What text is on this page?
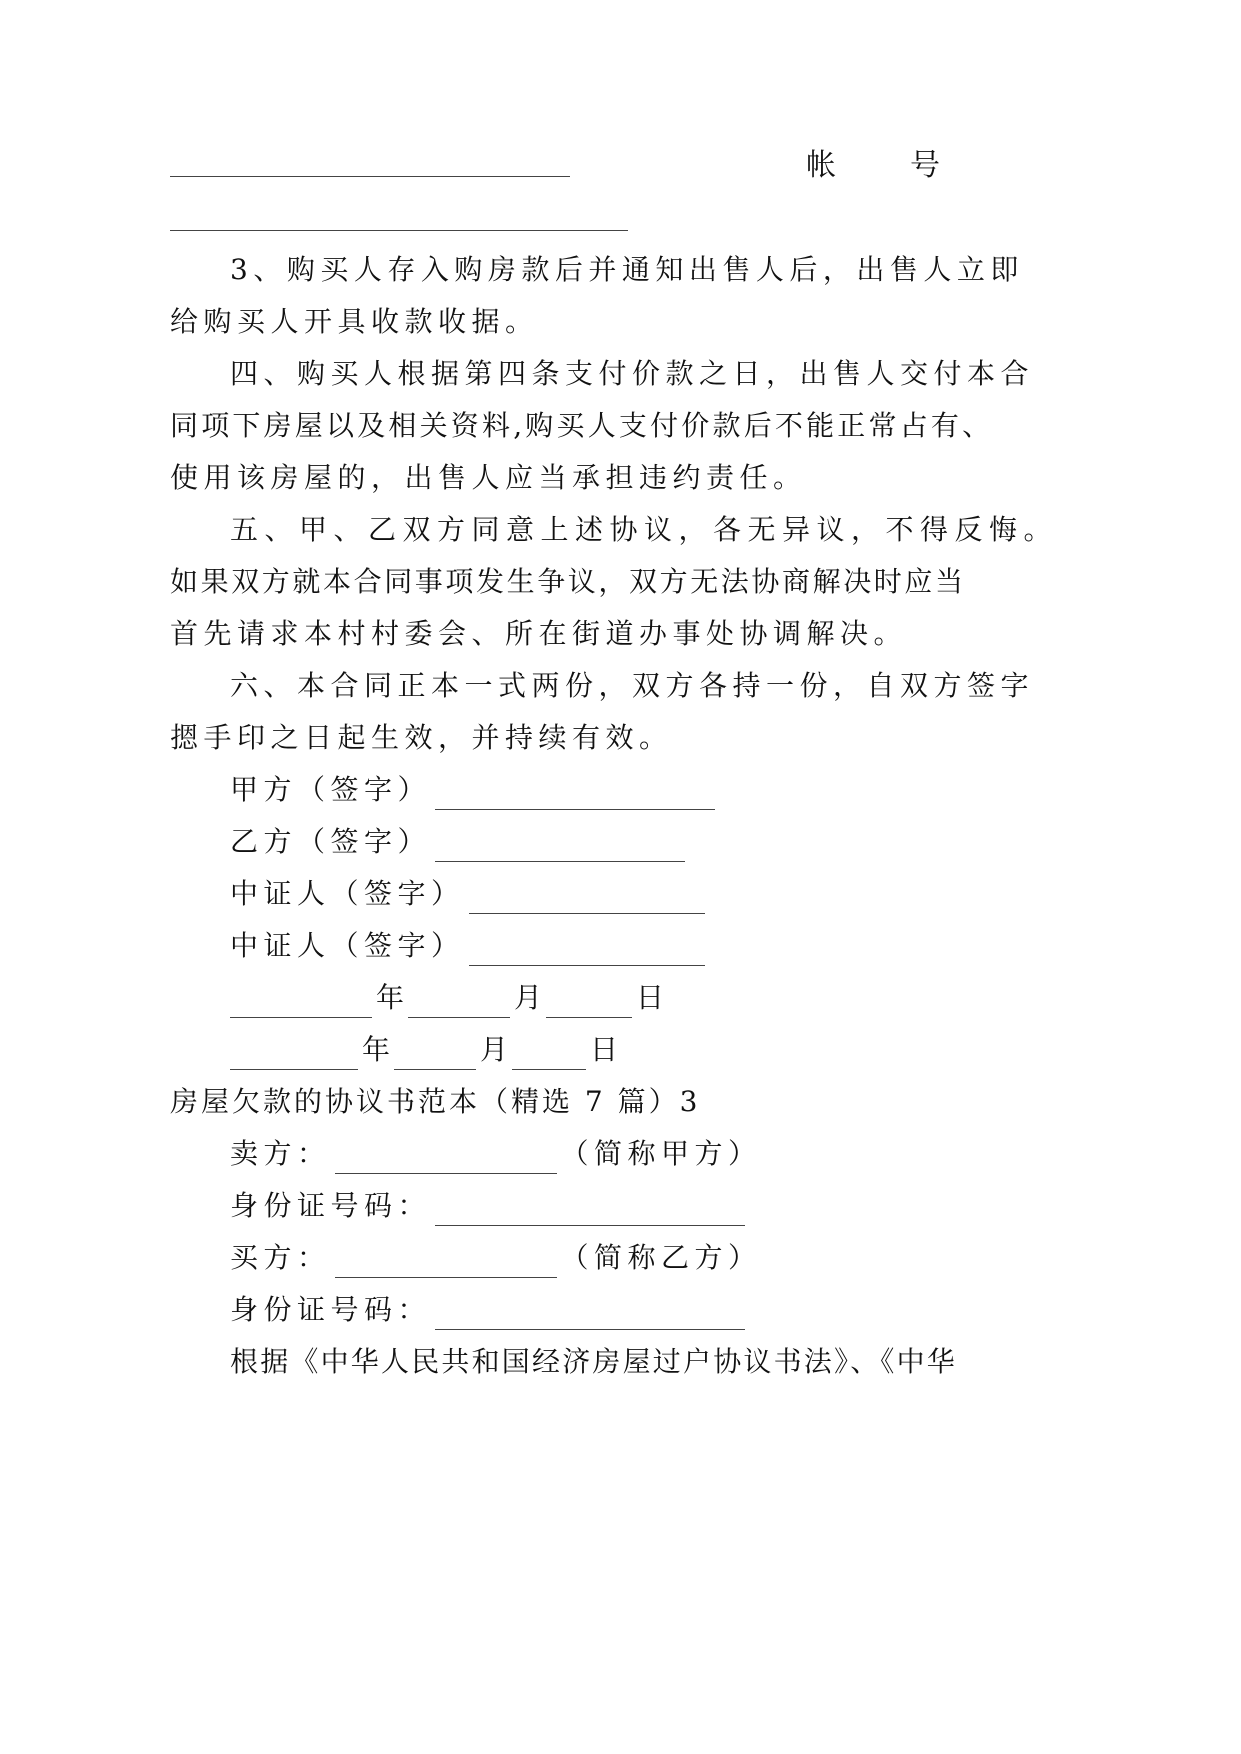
帐 号
3、购买人存入购房款后并通知出售人后，出售人立即
给购买人开具收款收据。
四、购买人根据第四条支付价款之日，出售人交付本合
同项下房屋以及相关资料,购买人支付价款后不能正常占有、
使用该房屋的，出售人应当承担违约责任。
五、甲、乙双方同意上述协议，各无异议，不得反悔。
如果双方就本合同事项发生争议，双方无法协商解决时应当
首先请求本村村委会、所在街道办事处协调解决。
六、本合同正本一式两份，双方各持一份，自双方签字
摁手印之日起生效，并持续有效。
甲方（签字）
乙方（签字）
中证人（签字）
中证人（签字）
年	月	日
年	月	日
房屋欠款的协议书范本（精选 7 篇）3
卖方：	（简称甲方）
身份证号码：
买方：	（简称乙方）
身份证号码：
根据《中华人民共和国经济房屋过户协议书法》、《中华
